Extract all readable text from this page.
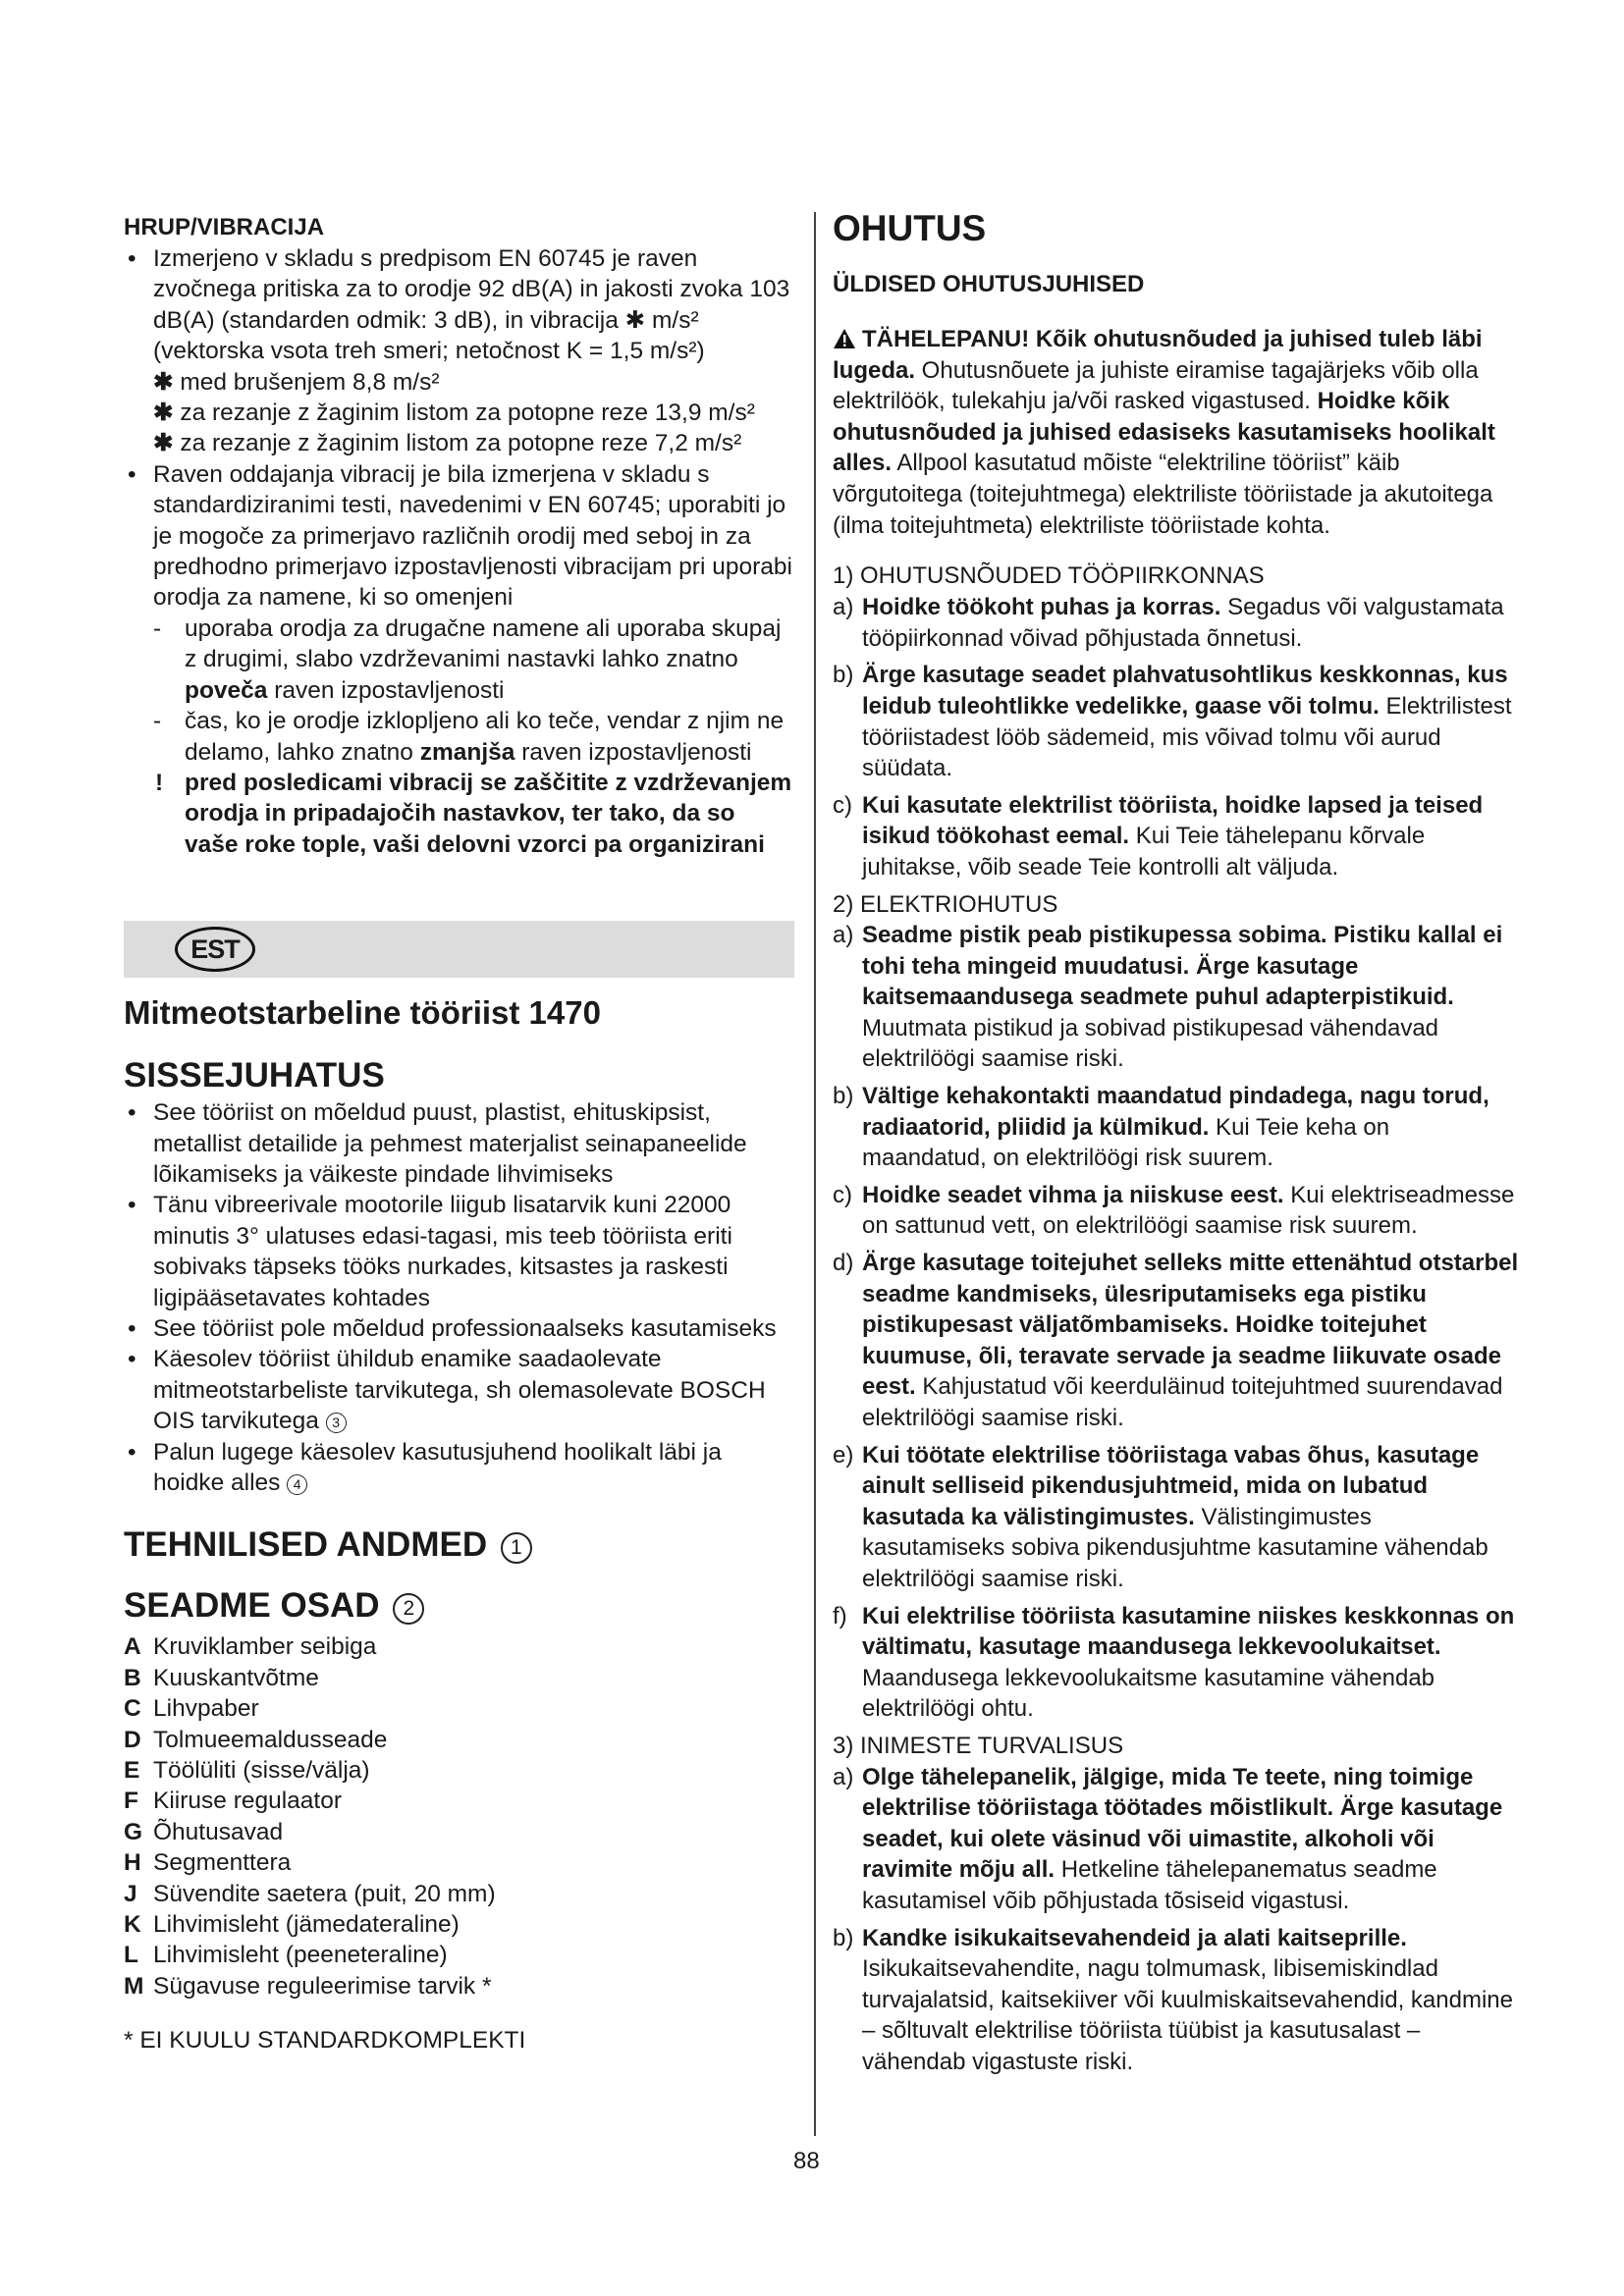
HRUP/VIBRACIJA

• Izmerjeno v skladu s predpisom EN 60745 je raven zvočnega pritiska za to orodje 92 dB(A) in jakosti zvoka 103 dB(A) (standarden odmik: 3 dB), in vibracija ✱ m/s²

(vektorska vsota treh smeri; netočnost K = 1,5 m/s²)

✱ med brušenjem 8,8 m/s²

✱ za rezanje z žaginim listom za potopne reze 13,9 m/s²

✱ za rezanje z žaginim listom za potopne reze 7,2 m/s²

• Raven oddajanja vibracij je bila izmerjena v skladu s standardiziranimi testi, navedenimi v EN 60745; uporabiti jo je mogoče za primerjavo različnih orodij med seboj in za predhodno primerjavo izpostavljenosti vibracijam pri uporabi orodja za namene, ki so omenjeni

- uporaba orodja za drugačne namene ali uporaba skupaj z drugimi, slabo vzdrževanimi nastavki lahko znatno poveča raven izpostavljenosti

- čas, ko je orodje izklopljeno ali ko teče, vendar z njim ne delamo, lahko znatno zmanjša raven izpostavljenosti

! pred posledicami vibracij se zaščitite z vzdrževanjem orodja in pripadajočih nastavkov, ter tako, da so vaše roke tople, vaši delovni vzorci pa organizirani

EST

Mitmeotstarbeline tööriist 1470

SISSEJUHATUS

• See tööriist on mõeldud puust, plastist, ehituskipsist, metallist detailide ja pehmest materjalist seinapaneelide lõikamiseks ja väikeste pindade lihvimiseks

• Tänu vibreerivale mootorile liigub lisatarvik kuni 22000 minutis 3° ulatuses edasi-tagasi, mis teeb tööriista eriti sobivaks täpseks tööks nurkades, kitsastes ja raskesti ligipääsetavates kohtades

• See tööriist pole mõeldud professionaalseks kasutamiseks

• Käesolev tööriist ühildub enamike saadaolevate mitmeotstarbeliste tarvikutega, sh olemasolevate BOSCH OIS tarvikutega 3

• Palun lugege käesolev kasutusjuhend hoolikalt läbi ja hoidke alles 4

TEHNILISED ANDMED 1

SEADME OSAD 2

A Kruviklamber seibiga
B Kuuskantvõtme
C Lihvpaber
D Tolmueemaldusseade
E Töölüliti (sisse/välja)
F Kiiruse regulaator
G Õhutusavad
H Segmenttera
J Süvendite saetera (puit, 20 mm)
K Lihvimisleht (jämedateraline)
L Lihvimisleht (peeneteraline)
M Sügavuse reguleerimise tarvik *

* EI KUULU STANDARDKOMPLEKTI

OHUTUS

ÜLDISED OHUTUSJUHISED

TÄHELEPANU! Kõik ohutusnõuded ja juhised tuleb läbi lugeda. Ohutusnõuete ja juhiste eiramise tagajärjeks võib olla elektrilöök, tulekahju ja/või rasked vigastused. Hoidke kõik ohutusnõuded ja juhised edasiseks kasutamiseks hoolikalt alles. Allpool kasutatud mõiste “elektriline tööriist” käib võrgutoitega (toitejuhtmega) elektriliste tööriistade ja akutoitega (ilma toitejuhtmeta) elektriliste tööriistade kohta.

1) OHUTUSNÕUDED TÖÖPIIRKONNAS

a) Hoidke töökoht puhas ja korras. Segadus või valgustamata tööpiirkonnad võivad põhjustada õnnetusi.

b) Ärge kasutage seadet plahvatusohtlikus keskkonnas, kus leidub tuleohtlikke vedelikke, gaase või tolmu. Elektrilistest tööriistadest lööb sädemeid, mis võivad tolmu või aurud süüdata.

c) Kui kasutate elektrilist tööriista, hoidke lapsed ja teised isikud töökohast eemal. Kui Teie tähelepanu kõrvale juhitakse, võib seade Teie kontrolli alt väljuda.

2) ELEKTRIOHUTUS

a) Seadme pistik peab pistikupessa sobima. Pistiku kallal ei tohi teha mingeid muudatusi. Ärge kasutage kaitsemaandusega seadmete puhul adapterpistikuid. Muutmata pistikud ja sobivad pistikupesad vähendavad elektrilöögi saamise riski.

b) Vältige kehakontakti maandatud pindadega, nagu torud, radiaatorid, pliidid ja külmikud. Kui Teie keha on maandatud, on elektrilöögi risk suurem.

c) Hoidke seadet vihma ja niiskuse eest. Kui elektriseadmesse on sattunud vett, on elektrilöögi saamise risk suurem.

d) Ärge kasutage toitejuhet selleks mitte ettenähtud otstarbel seadme kandmiseks, ülesriputamiseks ega pistiku pistikupesast väljatõmbamiseks. Hoidke toitejuhet kuumuse, õli, teravate servade ja seadme liikuvate osade eest. Kahjustatud või keerduläinud toitejuhtmed suurendavad elektrilöögi saamise riski.

e) Kui töötate elektrilise tööriistaga vabas õhus, kasutage ainult selliseid pikendusjuhtmeid, mida on lubatud kasutada ka välistingimustes. Välistingimustes kasutamiseks sobiva pikendusjuhtme kasutamine vähendab elektrilöögi saamise riski.

f) Kui elektrilise tööriista kasutamine niiskes keskkonnas on vältimatu, kasutage maandusega lekkevoolukaitset. Maandusega lekkevoolukaitsme kasutamine vähendab elektrilöögi ohtu.

3) INIMESTE TURVALISUS

a) Olge tähelepanelik, jälgige, mida Te teete, ning toimige elektrilise tööriistaga töötades mõistlikult. Ärge kasutage seadet, kui olete väsinud või uimastite, alkoholi või ravimite mõju all. Hetkeline tähelepanematus seadme kasutamisel võib põhjustada tõsiseid vigastusi.

b) Kandke isikukaitsevahendeid ja alati kaitseprille. Isikukaitsevahendite, nagu tolmumask, libisemiskindlad turvajalatsid, kaitsekiiver või kuulmiskaitsevahendid, kandmine – sõltuvalt elektrilise tööriista tüübist ja kasutusalast – vähendab vigastuste riski.

88
